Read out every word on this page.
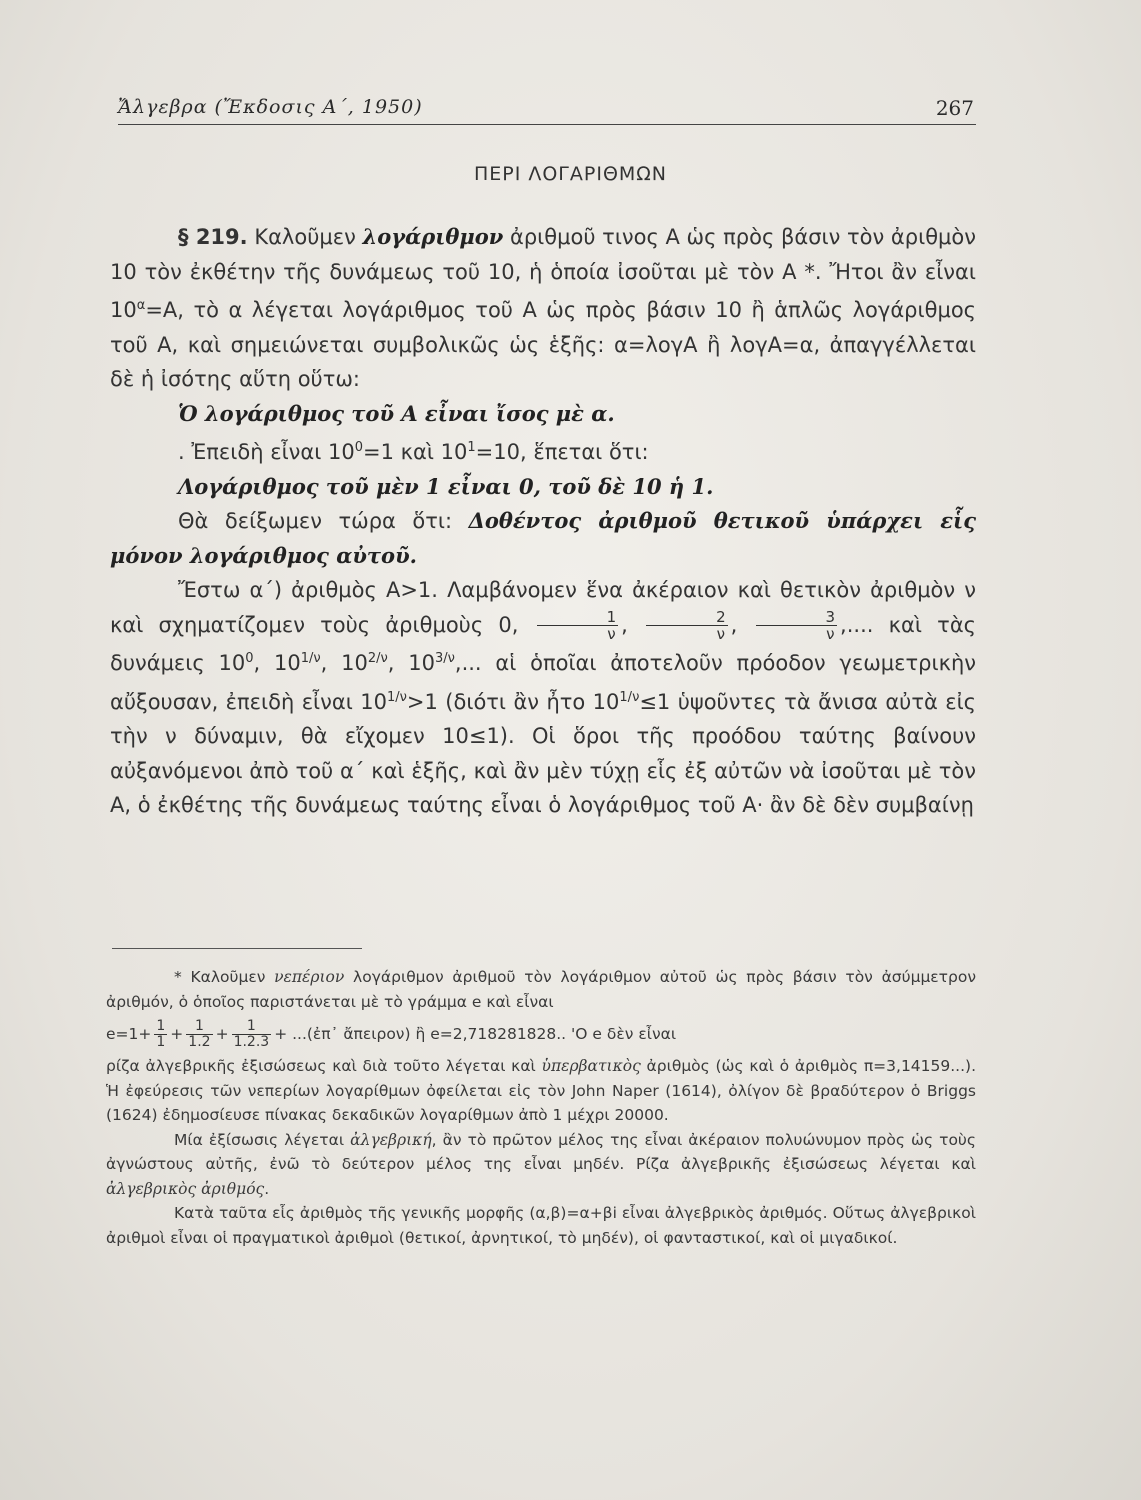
Ἄλγεβρα (Ἔκδοσις Α΄, 1950)	267
ΠΕΡΙ ΛΟΓΑΡΙΘΜΩΝ

§ 219. Καλοῦμεν λογάριθμον ἀριθμοῦ τινος Α ὡς πρὸς βάσιν τὸν ἀριθμὸν 10 τὸν ἐκθέτην τῆς δυνάμεως τοῦ 10, ἡ ὁποία ἰσοῦται μὲ τὸν Α *. Ἤτοι ἂν εἶναι $10^\alpha=A$, τὸ α λέγεται λογάριθμος τοῦ Α ὡς πρὸς βάσιν 10 ἢ ἁπλῶς λογάριθμος τοῦ Α, καὶ σημειώνεται συμβολικῶς ὡς ἑξῆς: α=λογΑ ἢ λογΑ=α, ἀπαγγέλλεται δὲ ἡ ἰσότης αὕτη οὕτω:

Ὁ λογάριθμος τοῦ Α εἶναι ἴσος μὲ α.

. Ἐπειδὴ εἶναι $10^0=1$ καὶ $10^1=10$, ἕπεται ὅτι:

Λογάριθμος τοῦ μὲν 1 εἶναι 0, τοῦ δὲ 10 ἡ 1.

Θὰ δείξωμεν τώρα ὅτι: Δοθέντος ἀριθμοῦ θετικοῦ ὑπάρχει εἷς μόνον λογάριθμος αὐτοῦ.

Ἔστω α΄) ἀριθμὸς Α>1. Λαμβάνομεν ἕνα ἀκέραιον καὶ θετικὸν ἀριθμὸν ν καὶ σχηματίζομεν τοὺς ἀριθμοὺς 0, $\frac{1}{\nu}$ , $\frac{2}{\nu}$ , $\frac{3}{\nu}$ ,.... καὶ τὰς δυνάμεις $10^0$, $10^{1/\nu}$, $10^{2/\nu}$, $10^{3/\nu}$,... αἱ ὁποῖαι ἀποτελοῦν πρόοδον γεωμετρικὴν αὔξουσαν, ἐπειδὴ εἶναι $10^{1/\nu}>1$ (διότι ἂν ἦτο $10^{1/\nu}\le 1$ ὑψοῦντες τὰ ἄνισα αὐτὰ εἰς τὴν ν δύναμιν, θὰ εἴχομεν 10≤1). Οἱ ὅροι τῆς προόδου ταύτης βαίνουν αὐξανόμενοι ἀπὸ τοῦ α΄ καὶ ἑξῆς, καὶ ἂν μὲν τύχῃ εἷς ἐξ αὐτῶν νὰ ἰσοῦται μὲ τὸν Α, ὁ ἐκθέτης τῆς δυνάμεως ταύτης εἶναι ὁ λογάριθμος τοῦ Α· ἂν δὲ δὲν συμβαίνῃ

* Καλοῦμεν νεπέριον λογάριθμον ἀριθμοῦ τὸν λογάριθμον αὐτοῦ ὡς πρὸς βάσιν τὸν ἀσύμμετρον ἀριθμόν, ὁ ὁποῖος παριστάνεται μὲ τὸ γράμμα e καὶ εἶναι

$e=1+ \frac{1}{1} + \frac{1}{1.2} + \frac{1}{1.2.3}$ + ...(ἐπ᾽ ἄπειρον) ἢ e=2,718281828.. 'Ο e δὲν εἶναι

ρίζα ἀλγεβρικῆς ἐξισώσεως καὶ διὰ τοῦτο λέγεται καὶ ὑπερβατικὸς ἀριθμὸς (ὡς καὶ ὁ ἀριθμὸς π=3,14159...). Ἡ ἐφεύρεσις τῶν νεπερίων λογαρίθμων ὀφείλεται εἰς τὸν John Naper (1614), ὀλίγον δὲ βραδύτερον ὁ Briggs (1624) ἐδημοσίευσε πίνακας δεκαδικῶν λογαρίθμων ἀπὸ 1 μέχρι 20000.

Μία ἐξίσωσις λέγεται ἀλγεβρική, ἂν τὸ πρῶτον μέλος της εἶναι ἀκέραιον πολυώνυμον πρὸς ὡς τοὺς ἀγνώστους αὐτῆς, ἐνῶ τὸ δεύτερον μέλος της εἶναι μηδέν. Ρίζα ἀλγεβρικῆς ἐξισώσεως λέγεται καὶ ἀλγεβρικὸς ἀριθμός.

Κατὰ ταῦτα εἷς ἀριθμὸς τῆς γενικῆς μορφῆς (α,β)=α+βi εἶναι ἀλγεβρικὸς ἀριθμός. Οὕτως ἀλγεβρικοὶ ἀριθμοὶ εἶναι οἱ πραγματικοὶ ἀριθμοὶ (θετικοί, ἀρνητικοί, τὸ μηδέν), οἱ φανταστικοί, καὶ οἱ μιγαδικοί.
